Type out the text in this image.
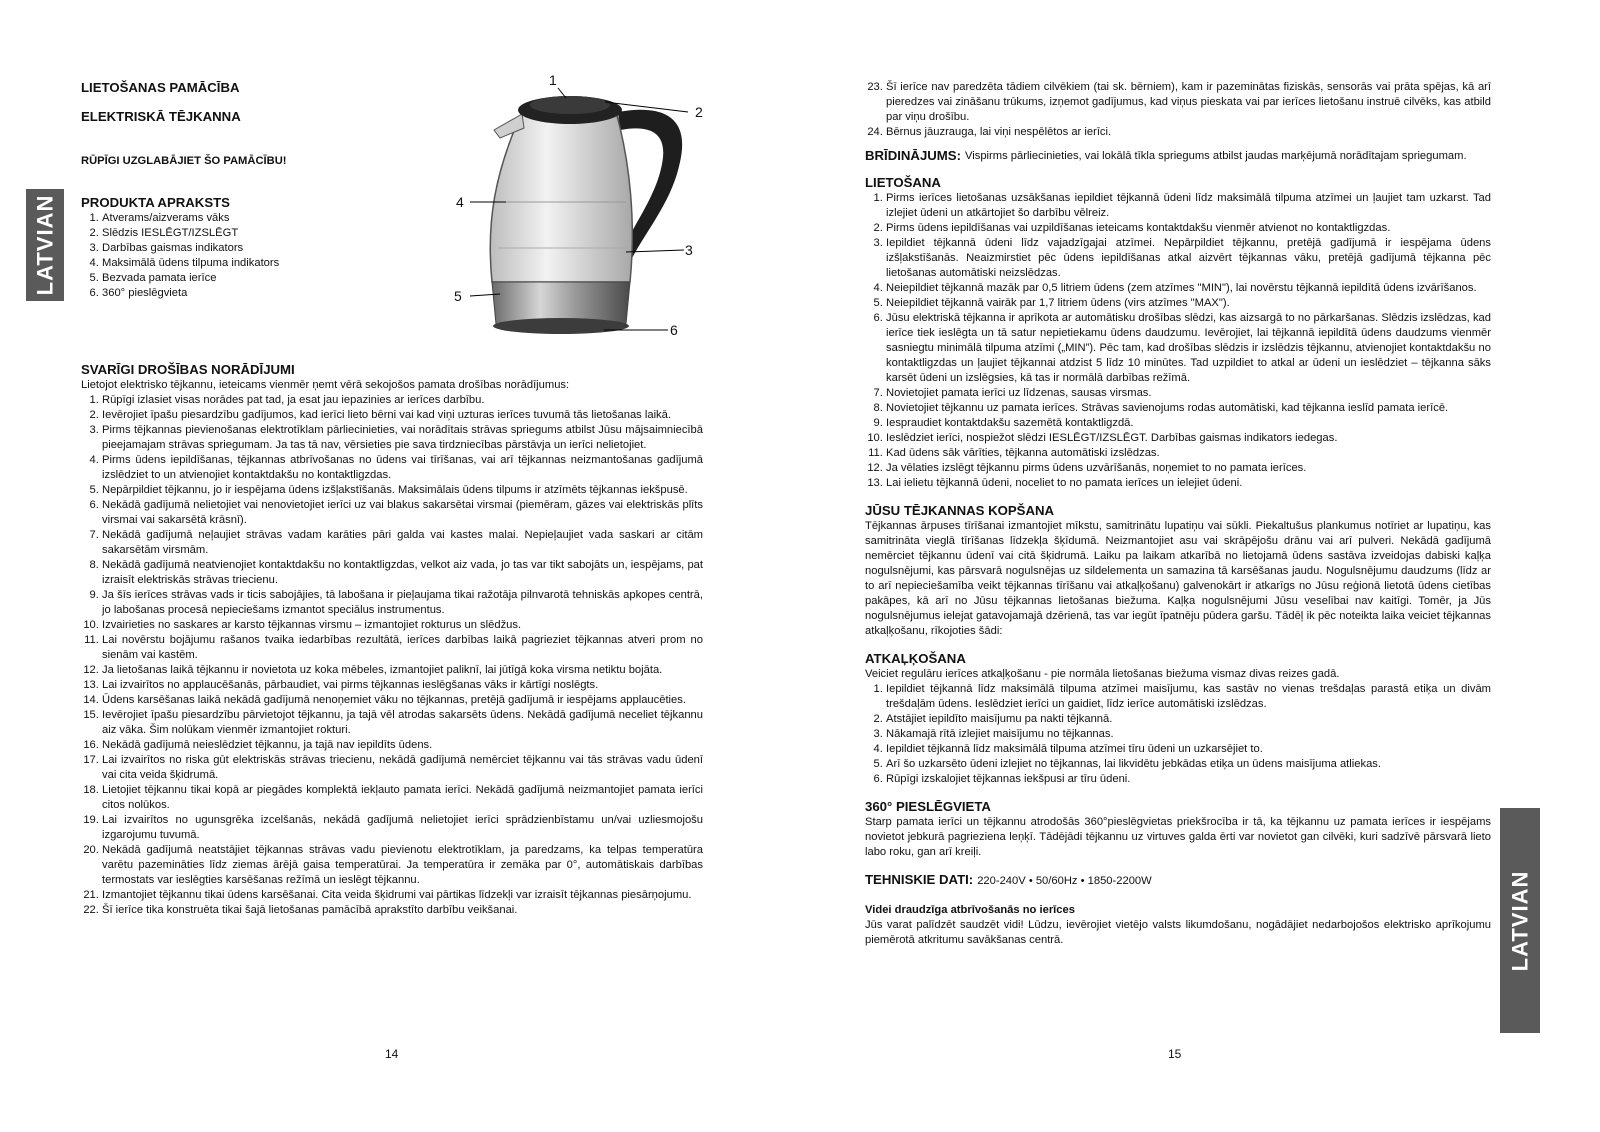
LATVIAN
LIETOŠANAS PAMĀCĪBA
ELEKTRISKĀ TĒJKANNA
RŪPĪGI UZGLABĀJIET ŠO PAMĀCĪBU!
PRODUKTA APRAKSTS
1. Atverams/aizverams vāks
2. Slēdzis IESLĒGT/IZSLĒGT
3. Darbības gaismas indikators
4. Maksimālā ūdens tilpuma indikators
5. Bezvada pamata ierīce
6. 360° pieslēgvieta
1
2
3
4
5
6
SVARĪGI DROŠĪBAS NORĀDĪJUMI

Lietojot elektrisko tējkannu, ieteicams vienmēr ņemt vērā sekojošos pamata drošības norādījumus:

1. Rūpīgi izlasiet visas norādes pat tad, ja esat jau iepazinies ar ierīces darbību.
2. Ievērojiet īpašu piesardzību gadījumos, kad ierīci lieto bērni vai kad viņi uzturas ierīces tuvumā tās lietošanas laikā.
3. Pirms tējkannas pievienošanas elektrotīklam pārliecinieties, vai norādītais strāvas spriegums atbilst Jūsu mājsaimniecībā pieejamajam strāvas spriegumam. Ja tas tā nav, vērsieties pie sava tirdzniecības pārstāvja un ierīci nelietojiet.
4. Pirms ūdens iepildīšanas, tējkannas atbrīvošanas no ūdens vai tīrīšanas, vai arī tējkannas neizmantošanas gadījumā izslēdziet to un atvienojiet kontaktdakšu no kontaktligzdas.
5. Nepārpildiet tējkannu, jo ir iespējama ūdens izšļakstīšanās. Maksimālais ūdens tilpums ir atzīmēts tējkannas iekšpusē.
6. Nekādā gadījumā nelietojiet vai nenovietojiet ierīci uz vai blakus sakarsētai virsmai (piemēram, gāzes vai elektriskās plīts virsmai vai sakarsētā krāsnī).
7. Nekādā gadījumā neļaujiet strāvas vadam karāties pāri galda vai kastes malai. Nepieļaujiet vada saskari ar citām sakarsētām virsmām.
8. Nekādā gadījumā neatvienojiet kontaktdakšu no kontaktligzdas, velkot aiz vada, jo tas var tikt sabojāts un, iespējams, pat izraisīt elektriskās strāvas triecienu.
9. Ja šīs ierīces strāvas vads ir ticis sabojājies, tā labošana ir pieļaujama tikai ražotāja pilnvarotā tehniskās apkopes centrā, jo labošanas procesā nepieciešams izmantot speciālus instrumentus.
10. Izvairieties no saskares ar karsto tējkannas virsmu – izmantojiet rokturus un slēdžus.
11. Lai novērstu bojājumu rašanos tvaika iedarbības rezultātā, ierīces darbības laikā pagrieziet tējkannas atveri prom no sienām vai kastēm.
12. Ja lietošanas laikā tējkannu ir novietota uz koka mēbeles, izmantojiet paliknī, lai jūtīgā koka virsma netiktu bojāta.
13. Lai izvairītos no applaucēšanās, pārbaudiet, vai pirms tējkannas ieslēgšanas vāks ir kārtīgi noslēgts.
14. Ūdens karsēšanas laikā nekādā gadījumā nenoņemiet vāku no tējkannas, pretējā gadījumā ir iespējams applaucēties.
15. Ievērojiet īpašu piesardzību pārvietojot tējkannu, ja tajā vēl atrodas sakarsēts ūdens. Nekādā gadījumā neceliet tējkannu aiz vāka. Šim nolūkam vienmēr izmantojiet rokturi.
16. Nekādā gadījumā neieslēdziet tējkannu, ja tajā nav iepildīts ūdens.
17. Lai izvairītos no riska gūt elektriskās strāvas triecienu, nekādā gadījumā nemērciet tējkannu vai tās strāvas vadu ūdenī vai cita veida šķidrumā.
18. Lietojiet tējkannu tikai kopā ar piegādes komplektā iekļauto pamata ierīci. Nekādā gadījumā neizmantojiet pamata ierīci citos nolūkos.
19. Lai izvairītos no ugunsgrēka izcelšanās, nekādā gadījumā nelietojiet ierīci sprādzienbīstamu un/vai uzliesmojošu izgarojumu tuvumā.
20. Nekādā gadījumā neatstājiet tējkannas strāvas vadu pievienotu elektrotīklam, ja paredzams, ka telpas temperatūra varētu pazemināties līdz ziemas ārējā gaisa temperatūrai. Ja temperatūra ir zemāka par 0°, automātiskais darbības termostats var ieslēgties karsēšanas režīmā un ieslēgt tējkannu.
21. Izmantojiet tējkannu tikai ūdens karsēšanai. Cita veida šķidrumi vai pārtikas līdzekļi var izraisīt tējkannas piesārņojumu.
22. Šī ierīce tika konstruēta tikai šajā lietošanas pamācībā aprakstīto darbību veikšanai.
14
23. Šī ierīce nav paredzēta tādiem cilvēkiem (tai sk. bērniem), kam ir pazeminātas fiziskās, sensorās vai prāta spējas, kā arī pieredzes vai zināšanu trūkums, izņemot gadījumus, kad viņus pieskata vai par ierīces lietošanu instruē cilvēks, kas atbild par viņu drošību.
24. Bērnus jāuzrauga, lai viņi nespēlētos ar ierīci.
BRĪDINĀJUMS: Vispirms pārliecinieties, vai lokālā tīkla spriegums atbilst jaudas marķējumā norādītajam spriegumam.

LIETOŠANA
1. Pirms ierīces lietošanas uzsākšanas iepildiet tējkannā ūdeni līdz maksimālā tilpuma atzīmei un ļaujiet tam uzkarst. Tad izlejiet ūdeni un atkārtojiet šo darbību vēlreiz.
2. Pirms ūdens iepildīšanas vai uzpildīšanas ieteicams kontaktdakšu vienmēr atvienot no kontaktligzdas.
3. Iepildiet tējkannā ūdeni līdz vajadzīgajai atzīmei. Nepārpildiet tējkannu, pretējā gadījumā ir iespējama ūdens izšļakstīšanās. Neaizmirstiet pēc ūdens iepildīšanas atkal aizvērt tējkannas vāku, pretējā gadījumā tējkanna pēc lietošanas automātiski neizslēdzas.
4. Neiepildiet tējkannā mazāk par 0,5 litriem ūdens (zem atzīmes "MIN"), lai novērstu tējkannā iepildītā ūdens izvārīšanos.
5. Neiepildiet tējkannā vairāk par 1,7 litriem ūdens (virs atzīmes "MAX").
6. Jūsu elektriskā tējkanna ir aprīkota ar automātisku drošības slēdzi, kas aizsargā to no pārkaršanas. Slēdzis izslēdzas, kad ierīce tiek ieslēgta un tā satur nepietiekamu ūdens daudzumu. Ievērojiet, lai tējkannā iepildītā ūdens daudzums vienmēr sasniegtu minimālā tilpuma atzīmi („MIN”). Pēc tam, kad drošības slēdzis ir izslēdzis tējkannu, atvienojiet kontaktdakšu no kontaktligzdas un ļaujiet tējkannai atdzist 5 līdz 10 minūtes. Tad uzpildiet to atkal ar ūdeni un ieslēdziet – tējkanna sāks karsēt ūdeni un izslēgsies, kā tas ir normālā darbības režīmā.
7. Novietojiet pamata ierīci uz līdzenas, sausas virsmas.
8. Novietojiet tējkannu uz pamata ierīces. Strāvas savienojums rodas automātiski, kad tējkanna ieslīd pamata ierīcē.
9. Iespraudiet kontaktdakšu sazemētā kontaktligzdā.
10. Ieslēdziet ierīci, nospiežot slēdzi IESLĒGT/IZSLĒGT. Darbības gaismas indikators iedegas.
11. Kad ūdens sāk vārīties, tējkanna automātiski izslēdzas.
12. Ja vēlaties izslēgt tējkannu pirms ūdens uzvārīšanās, noņemiet to no pamata ierīces.
13. Lai ielietu tējkannā ūdeni, noceliet to no pamata ierīces un ielejiet ūdeni.
JŪSU TĒJKANNAS KOPŠANA

Tējkannas ārpuses tīrīšanai izmantojiet mīkstu, samitrinātu lupatiņu vai sūkli. Piekaltušus plankumus notīriet ar lupatiņu, kas samitrināta vieglā tīrīšanas līdzekļa šķīdumā. Neizmantojiet asu vai skrāpējošu drānu vai arī pulveri. Nekādā gadījumā nemērciet tējkannu ūdenī vai citā šķidrumā. Laiku pa laikam atkarībā no lietojamā ūdens sastāva izveidojas dabiski kaļķa nogulsnējumi, kas pārsvarā nogulsnējas uz sildelementa un samazina tā karsēšanas jaudu. Nogulsnējumu daudzums (līdz ar to arī nepieciešamība veikt tējkannas tīrīšanu vai atkaļķošanu) galvenokārt ir atkarīgs no Jūsu reģionā lietotā ūdens cietības pakāpes, kā arī no Jūsu tējkannas lietošanas biežuma. Kaļķa nogulsnējumi Jūsu veselībai nav kaitīgi. Tomēr, ja Jūs nogulsnējumus ielejat gatavojamajā dzērienā, tas var iegūt īpatnēju pūdera garšu. Tādēļ ik pēc noteikta laika veiciet tējkannas atkaļķošanu, rīkojoties šādi:

ATKAĻĶOŠANA

Veiciet regulāru ierīces atkaļķošanu - pie normāla lietošanas biežuma vismaz divas reizes gadā.

1. Iepildiet tējkannā līdz maksimālā tilpuma atzīmei maisījumu, kas sastāv no vienas trešdaļas parastā etiķa un divām trešdaļām ūdens. Ieslēdziet ierīci un gaidiet, līdz ierīce automātiski izslēdzas.
2. Atstājiet iepildīto maisījumu pa nakti tējkannā.
3. Nākamajā rītā izlejiet maisījumu no tējkannas.
4. Iepildiet tējkannā līdz maksimālā tilpuma atzīmei tīru ūdeni un uzkarsējiet to.
5. Arī šo uzkarsēto ūdeni izlejiet no tējkannas, lai likvidētu jebkādas etiķa un ūdens maisījuma atliekas.
6. Rūpīgi izskalojiet tējkannas iekšpusi ar tīru ūdeni.
360° PIESLĒGVIETA

Starp pamata ierīci un tējkannu atrodošās 360°pieslēgvietas priekšrocība ir tā, ka tējkannu uz pamata ierīces ir iespējams novietot jebkurā pagrieziena leņķī. Tādējādi tējkannu uz virtuves galda ērti var novietot gan cilvēki, kuri sadzīvē pārsvarā lieto labo roku, gan arī kreiļi.

TEHNISKIE DATI: 220-240V • 50/60Hz • 1850-2200W
Videi draudzīga atbrīvošanās no ierīces

Jūs varat palīdzēt saudzēt vidi! Lūdzu, ievērojiet vietējo valsts likumdošanu, nogādājiet nedarbojošos elektrisko aprīkojumu piemērotā atkritumu savākšanas centrā.	LATVIAN
15
